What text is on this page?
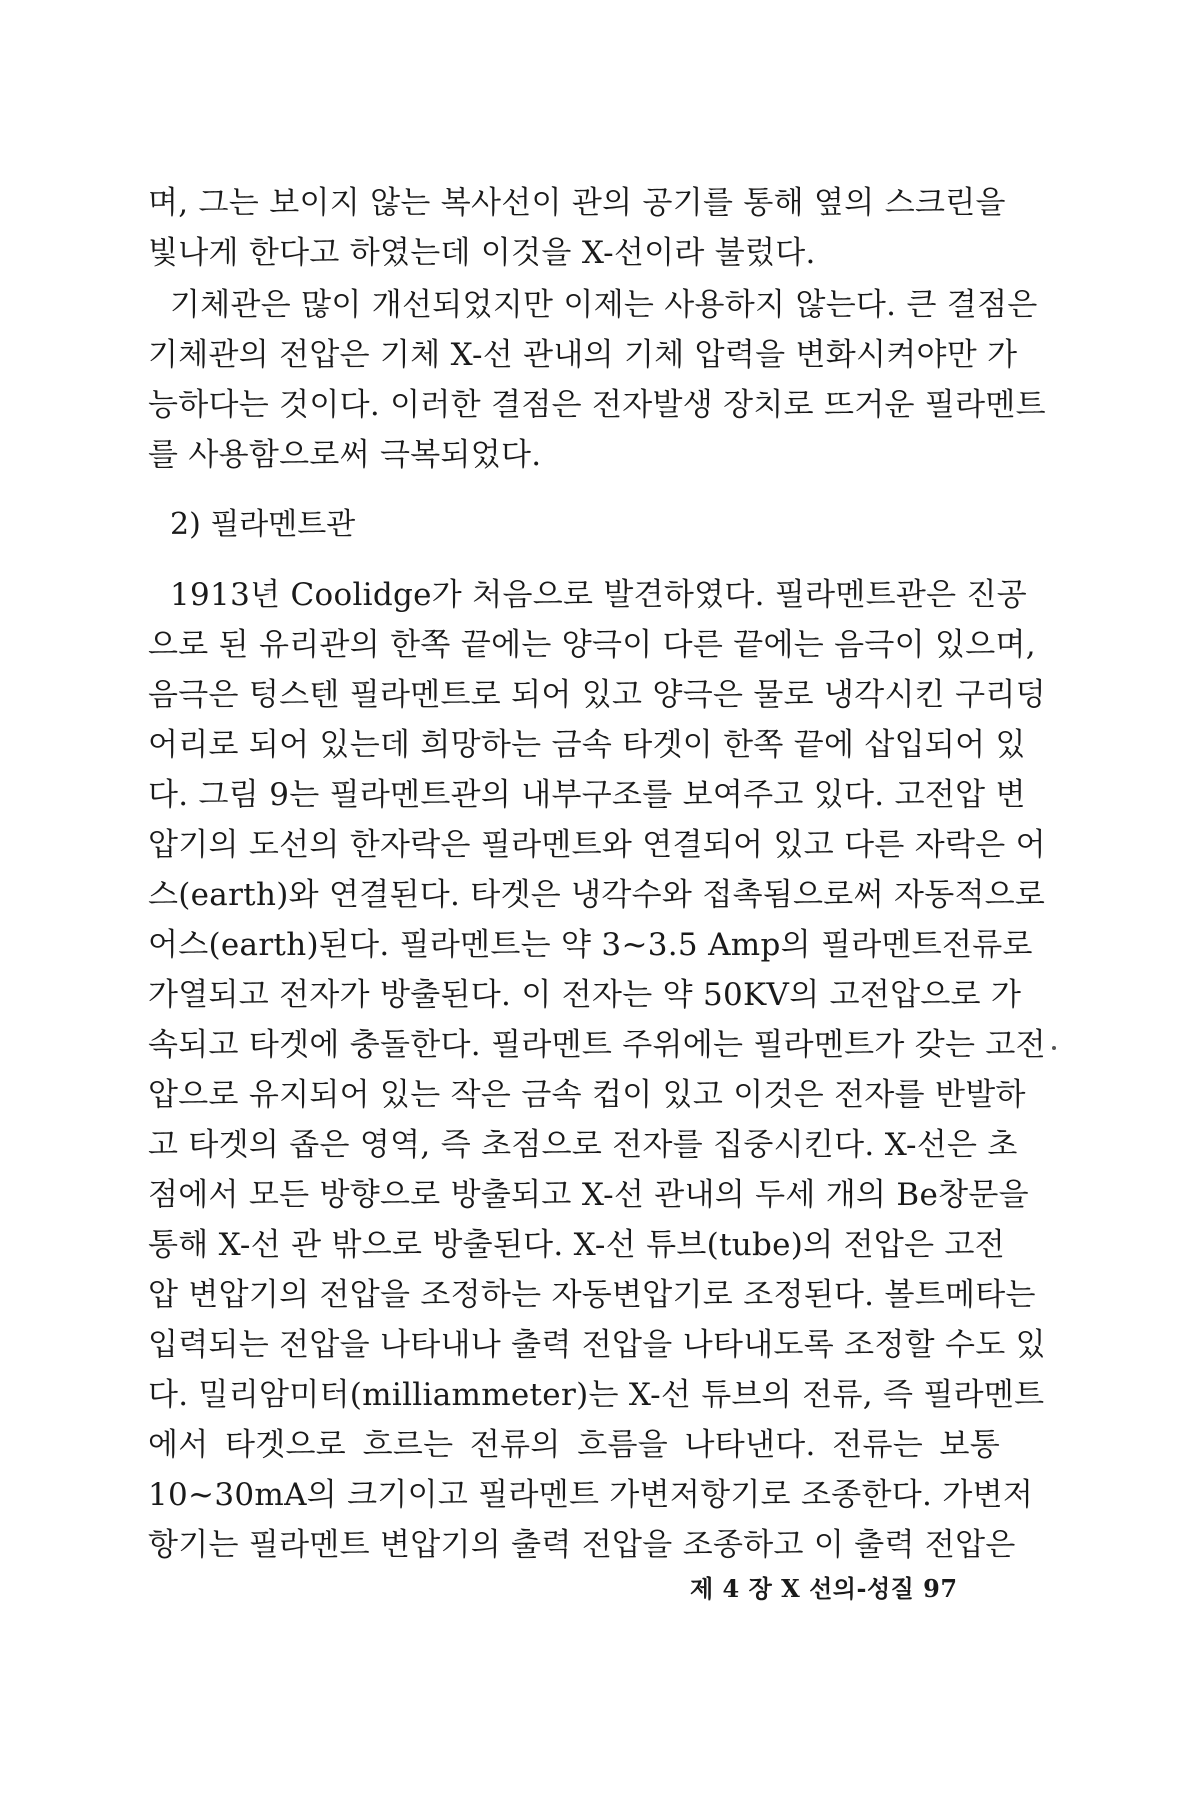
며, 그는 보이지 않는 복사선이 관의 공기를 통해 옆의 스크린을
빛나게 한다고 하였는데 이것을 X-선이라 불렀다.
기체관은 많이 개선되었지만 이제는 사용하지 않는다. 큰 결점은
기체관의 전압은 기체 X-선 관내의 기체 압력을 변화시켜야만 가
능하다는 것이다. 이러한 결점은 전자발생 장치로 뜨거운 필라멘트
를 사용함으로써 극복되었다.
2) 필라멘트관
1913년 Coolidge가 처음으로 발견하였다. 필라멘트관은 진공
으로 된 유리관의 한쪽 끝에는 양극이 다른 끝에는 음극이 있으며,
음극은 텅스텐 필라멘트로 되어 있고 양극은 물로 냉각시킨 구리덩
어리로 되어 있는데 희망하는 금속 타겟이 한쪽 끝에 삽입되어 있
다. 그림 9는 필라멘트관의 내부구조를 보여주고 있다. 고전압 변
압기의 도선의 한자락은 필라멘트와 연결되어 있고 다른 자락은 어
스(earth)와 연결된다. 타겟은 냉각수와 접촉됨으로써 자동적으로
어스(earth)된다. 필라멘트는 약 3~3.5 Amp의 필라멘트전류로
가열되고 전자가 방출된다. 이 전자는 약 50KV의 고전압으로 가
속되고 타겟에 충돌한다. 필라멘트 주위에는 필라멘트가 갖는 고전
압으로 유지되어 있는 작은 금속 컵이 있고 이것은 전자를 반발하
고 타겟의 좁은 영역, 즉 초점으로 전자를 집중시킨다. X-선은 초
점에서 모든 방향으로 방출되고 X-선 관내의 두세 개의 Be창문을
통해 X-선 관 밖으로 방출된다. X-선 튜브(tube)의 전압은 고전
압 변압기의 전압을 조정하는 자동변압기로 조정된다. 볼트메타는
입력되는 전압을 나타내나 출력 전압을 나타내도록 조정할 수도 있
다. 밀리암미터(milliammeter)는 X-선 튜브의 전류, 즉 필라멘트
에서 타겟으로 흐르는 전류의 흐름을 나타낸다. 전류는 보통
10~30mA의 크기이고 필라멘트 가변저항기로 조종한다. 가변저
항기는 필라멘트 변압기의 출력 전압을 조종하고 이 출력 전압은
제 4 장 X 선의-성질 97
